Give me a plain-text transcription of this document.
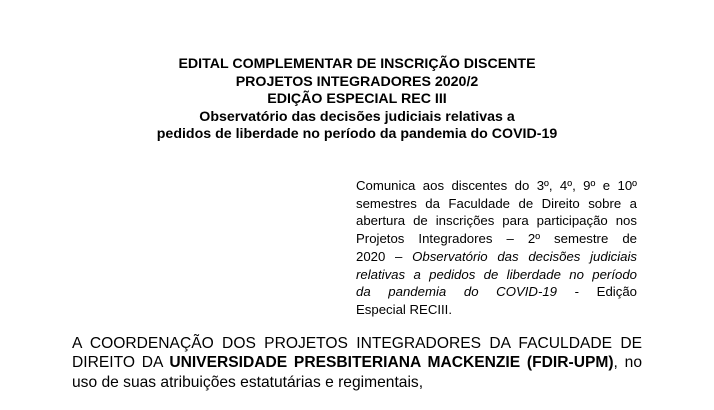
EDITAL COMPLEMENTAR DE INSCRIÇÃO DISCENTE
PROJETOS INTEGRADORES 2020/2
EDIÇÃO ESPECIAL REC III
Observatório das decisões judiciais relativas a
pedidos de liberdade no período da pandemia do COVID-19
Comunica aos discentes do 3º, 4º, 9º e 10º
semestres da Faculdade de Direito sobre a
abertura de inscrições para participação nos
Projetos Integradores – 2º semestre de
2020 – Observatório das decisões judiciais
relativas a pedidos de liberdade no período
da pandemia do COVID-19 - Edição
Especial RECIII.
A COORDENAÇÃO DOS PROJETOS INTEGRADORES DA FACULDADE DE
DIREITO DA UNIVERSIDADE PRESBITERIANA MACKENZIE (FDIR-UPM), no
uso de suas atribuições estatutárias e regimentais,
